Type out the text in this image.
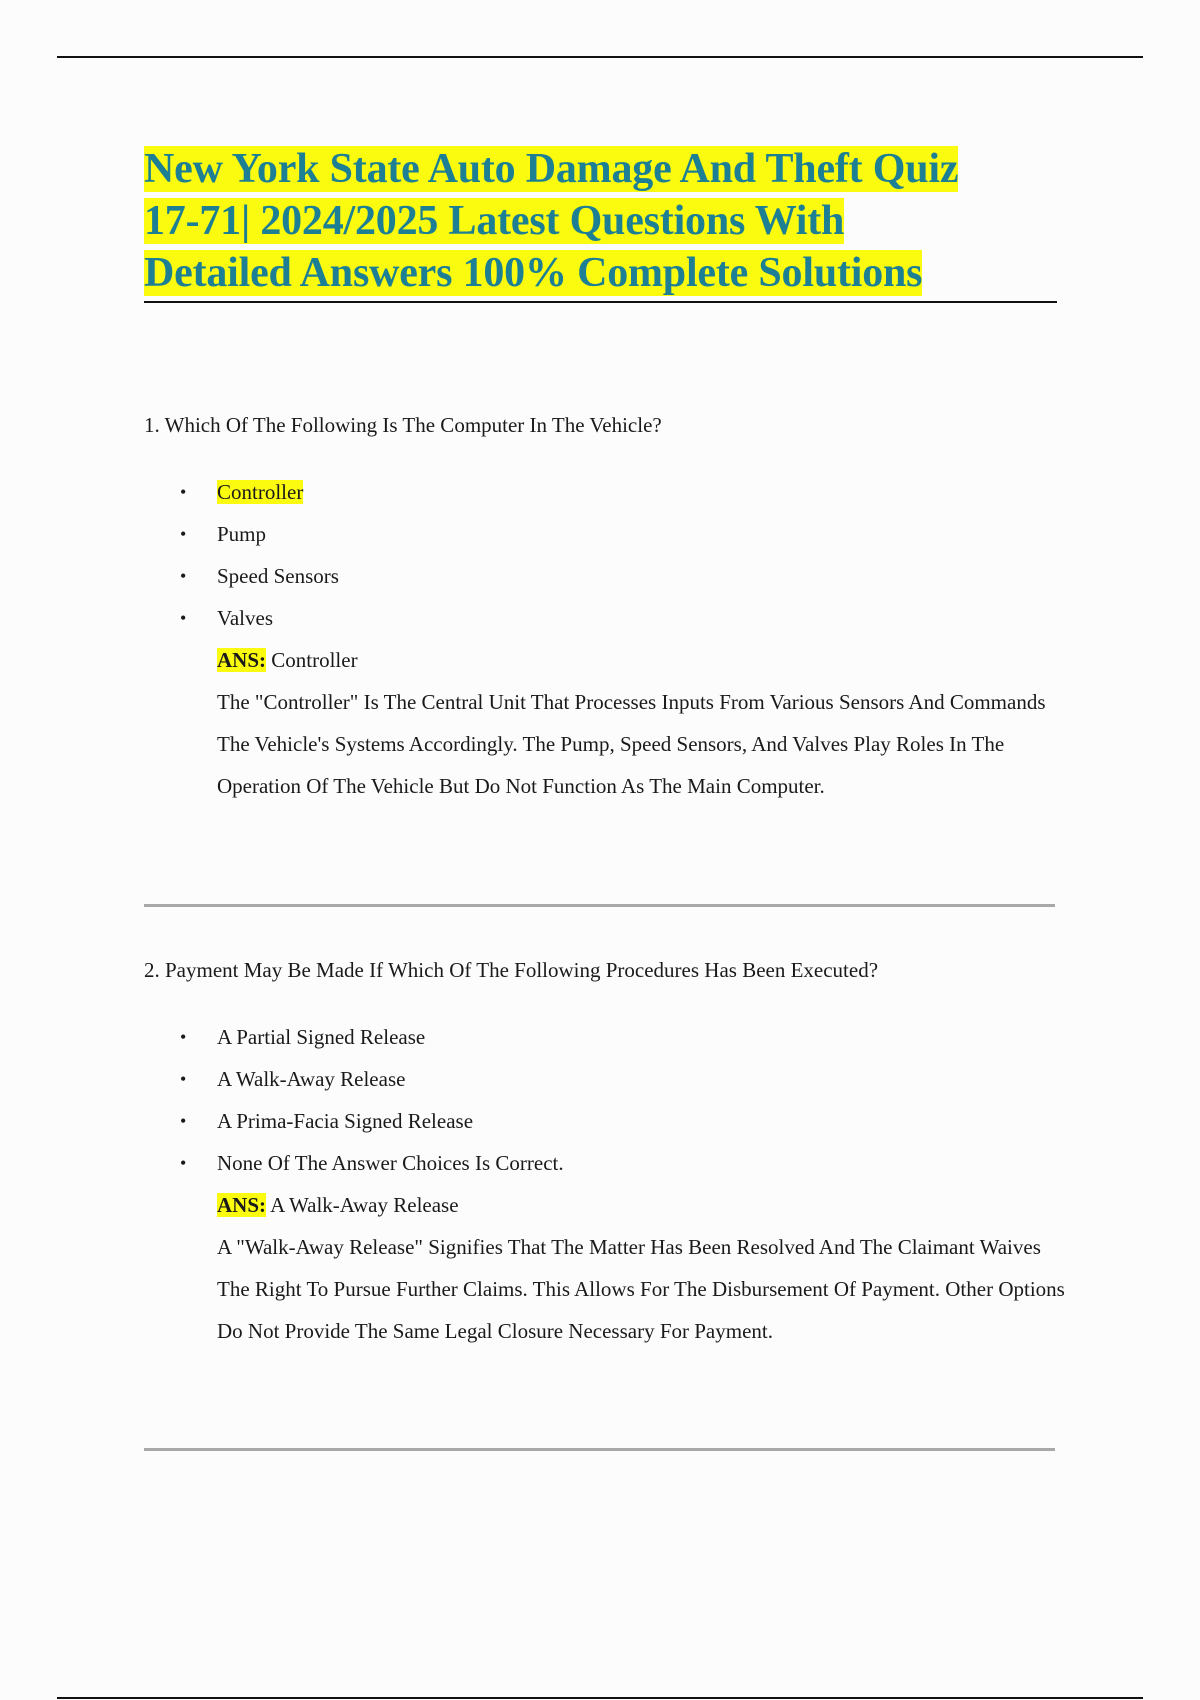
New York State Auto Damage And Theft Quiz
17-71| 2024/2025 Latest Questions With
Detailed Answers 100% Complete Solutions
1. Which Of The Following Is The Computer In The Vehicle?
• Controller
• Pump
• Speed Sensors
• Valves
ANS: Controller
The "Controller" Is The Central Unit That Processes Inputs From Various Sensors And Commands The Vehicle's Systems Accordingly. The Pump, Speed Sensors, And Valves Play Roles In The Operation Of The Vehicle But Do Not Function As The Main Computer.
2. Payment May Be Made If Which Of The Following Procedures Has Been Executed?
• A Partial Signed Release
• A Walk-Away Release
• A Prima-Facia Signed Release
• None Of The Answer Choices Is Correct.
ANS: A Walk-Away Release
A "Walk-Away Release" Signifies That The Matter Has Been Resolved And The Claimant Waives The Right To Pursue Further Claims. This Allows For The Disbursement Of Payment. Other Options Do Not Provide The Same Legal Closure Necessary For Payment.
